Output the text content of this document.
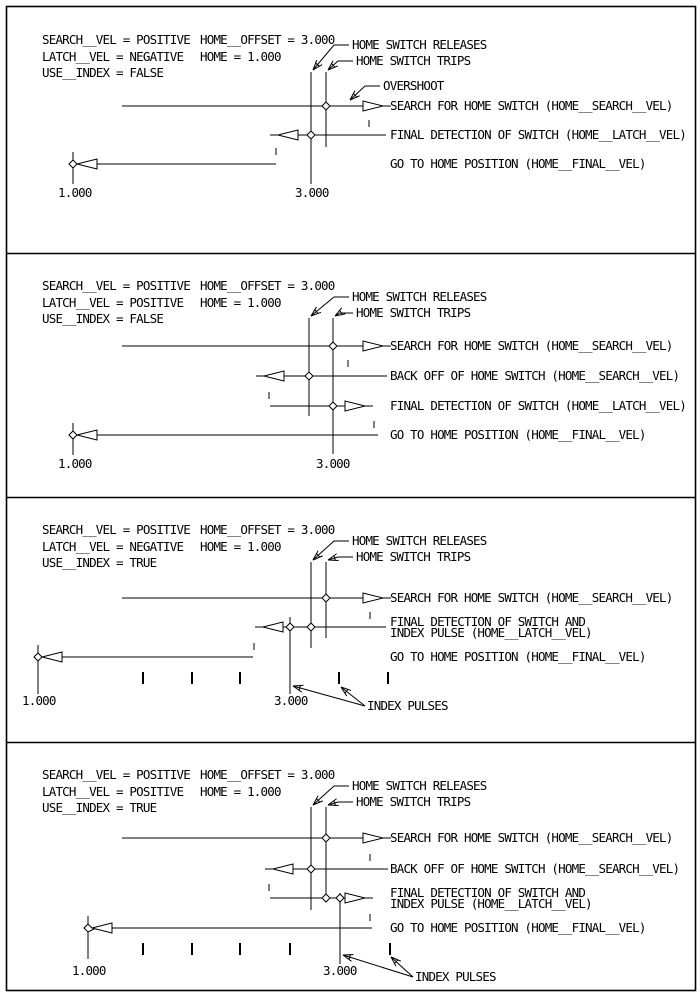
SEARCH__VEL = POSITIVE
LATCH__VEL = NEGATIVE
USE__INDEX = FALSE
HOME__OFFSET = 3.000
HOME = 1.000
HOME SWITCH RELEASES
HOME SWITCH TRIPS
OVERSHOOT
SEARCH FOR HOME SWITCH (HOME__SEARCH__VEL)
FINAL DETECTION OF SWITCH (HOME__LATCH__VEL)
GO TO HOME POSITION (HOME__FINAL__VEL)
1.000	3.000
SEARCH__VEL = POSITIVE
LATCH__VEL = POSITIVE
USE__INDEX = FALSE
HOME__OFFSET = 3.000
HOME = 1.000	HOME SWITCH RELEASES
HOME SWITCH TRIPS
SEARCH FOR HOME SWITCH (HOME__SEARCH__VEL)
BACK OFF OF HOME SWITCH (HOME__SEARCH__VEL)
FINAL DETECTION OF SWITCH (HOME__LATCH__VEL)
GO TO HOME POSITION (HOME__FINAL__VEL)
1.000	3.000
SEARCH__VEL = POSITIVE
LATCH__VEL = NEGATIVE
USE__INDEX = TRUE
HOME__OFFSET = 3.000
HOME = 1.000	HOME SWITCH RELEASES
HOME SWITCH TRIPS
SEARCH FOR HOME SWITCH (HOME__SEARCH__VEL)
FINAL DETECTION OF SWITCH AND
INDEX PULSE (HOME__LATCH__VEL)
GO TO HOME POSITION (HOME__FINAL__VEL)
1.000	3.000	INDEX PULSES
SEARCH__VEL = POSITIVE
LATCH__VEL = POSITIVE
USE__INDEX = TRUE
HOME__OFFSET = 3.000
HOME = 1.000	HOME SWITCH RELEASES
HOME SWITCH TRIPS
SEARCH FOR HOME SWITCH (HOME__SEARCH__VEL)
BACK OFF OF HOME SWITCH (HOME__SEARCH__VEL)
FINAL DETECTION OF SWITCH AND
INDEX PULSE (HOME__LATCH__VEL)
GO TO HOME POSITION (HOME__FINAL__VEL)
1.000	3.000	INDEX PULSES
